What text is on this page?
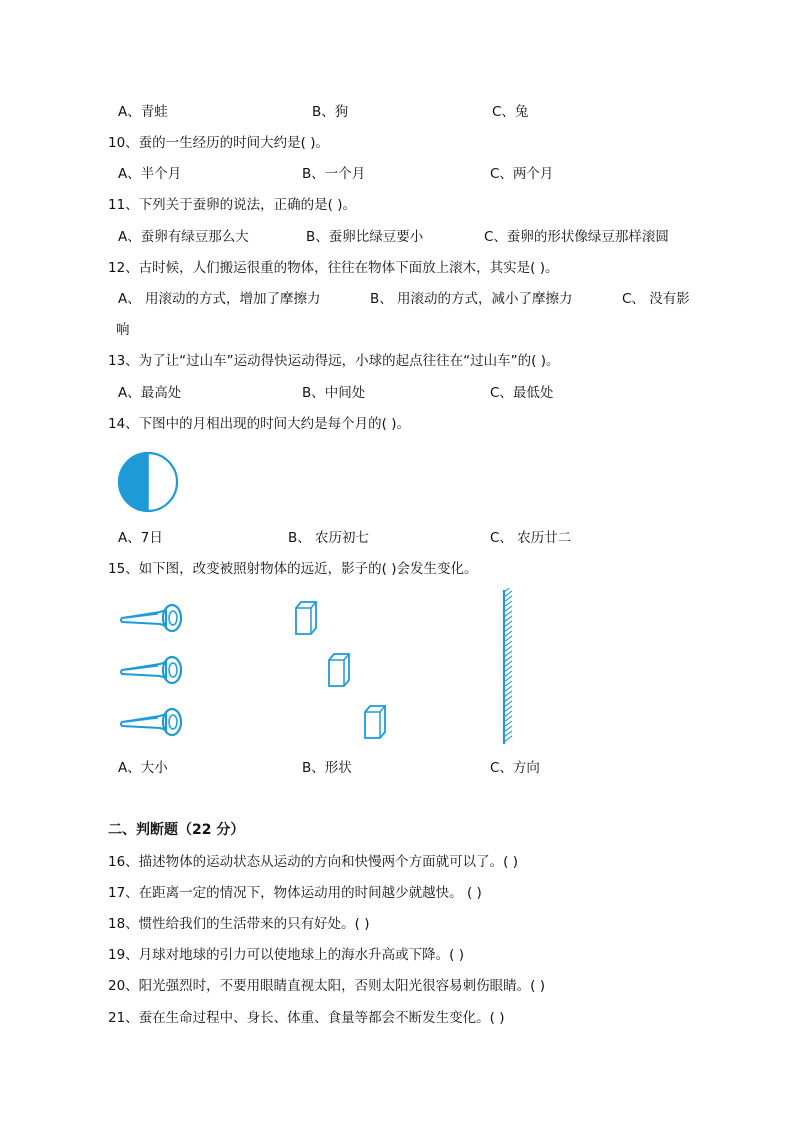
A、青蛙	B、狗	C、兔
10、蚕的一生经历的时间大约是( )。
A、半个月	B、一个月	C、两个月
11、下列关于蚕卵的说法，正确的是( )。
A、蚕卵有绿豆那么大	B、蚕卵比绿豆要小	C、蚕卵的形状像绿豆那样滚圆
12、古时候，人们搬运很重的物体，往往在物体下面放上滚木，其实是( )。
A、 用滚动的方式，增加了摩擦力	B、 用滚动的方式，减小了摩擦力	C、 没有影
响
13、为了让“过山车”运动得快运动得远，小球的起点往往在“过山车”的( )。
A、最高处	B、中间处	C、最低处
14、下图中的月相出现的时间大约是每个月的( )。
A、7日	B、 农历初七	C、 农历廿二
15、如下图，改变被照射物体的远近，影子的( )会发生变化。
A、大小	B、形状	C、方向
二、判断题（22 分）
16、描述物体的运动状态从运动的方向和快慢两个方面就可以了。( )
17、在距离一定的情况下，物体运动用的时间越少就越快。 ( )
18、惯性给我们的生活带来的只有好处。( )
19、月球对地球的引力可以使地球上的海水升高或下降。( )
20、阳光强烈时，不要用眼睛直视太阳，否则太阳光很容易刺伤眼睛。( )
21、蚕在生命过程中、身长、体重、食量等都会不断发生变化。( )
